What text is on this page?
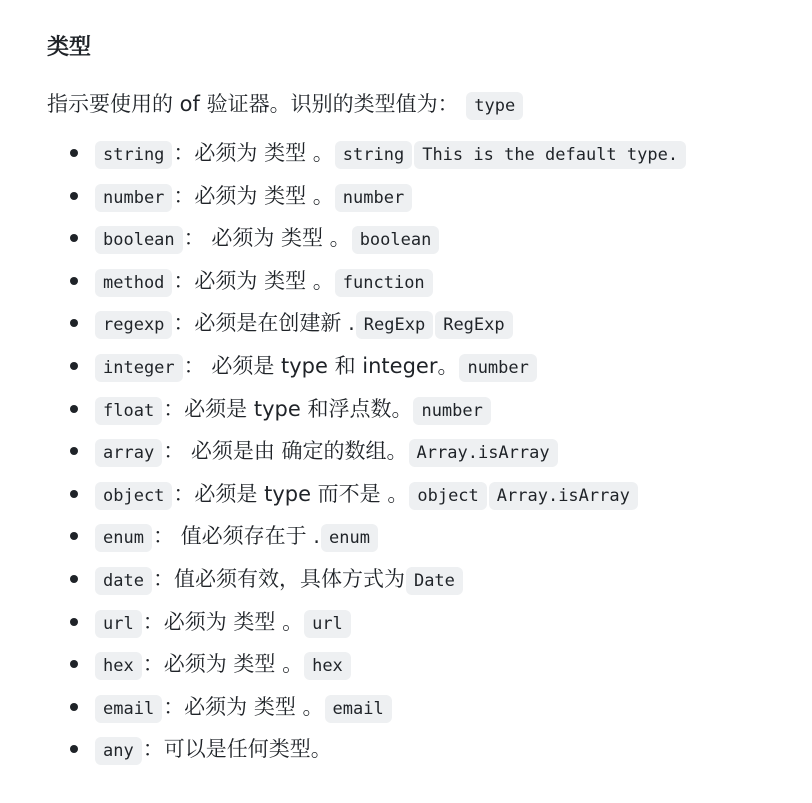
类型

指示要使用的 of 验证器。识别的类型值为： type

string ：必须为 类型 。 string This is the default type.
number ：必须为 类型 。 number
boolean ： 必须为 类型 。 boolean
method ：必须为 类型 。 function
regexp ：必须是在创建新 . RegExp RegExp
integer ： 必须是 type 和 integer。 number
float ：必须是 type 和浮点数。 number
array ： 必须是由 确定的数组。 Array.isArray
object ：必须是 type 而不是 。 object Array.isArray
enum ： 值必须存在于 . enum
date ：值必须有效，具体方式为 Date
url ：必须为 类型 。 url
hex ：必须为 类型 。 hex
email ：必须为 类型 。 email
any ：可以是任何类型。
